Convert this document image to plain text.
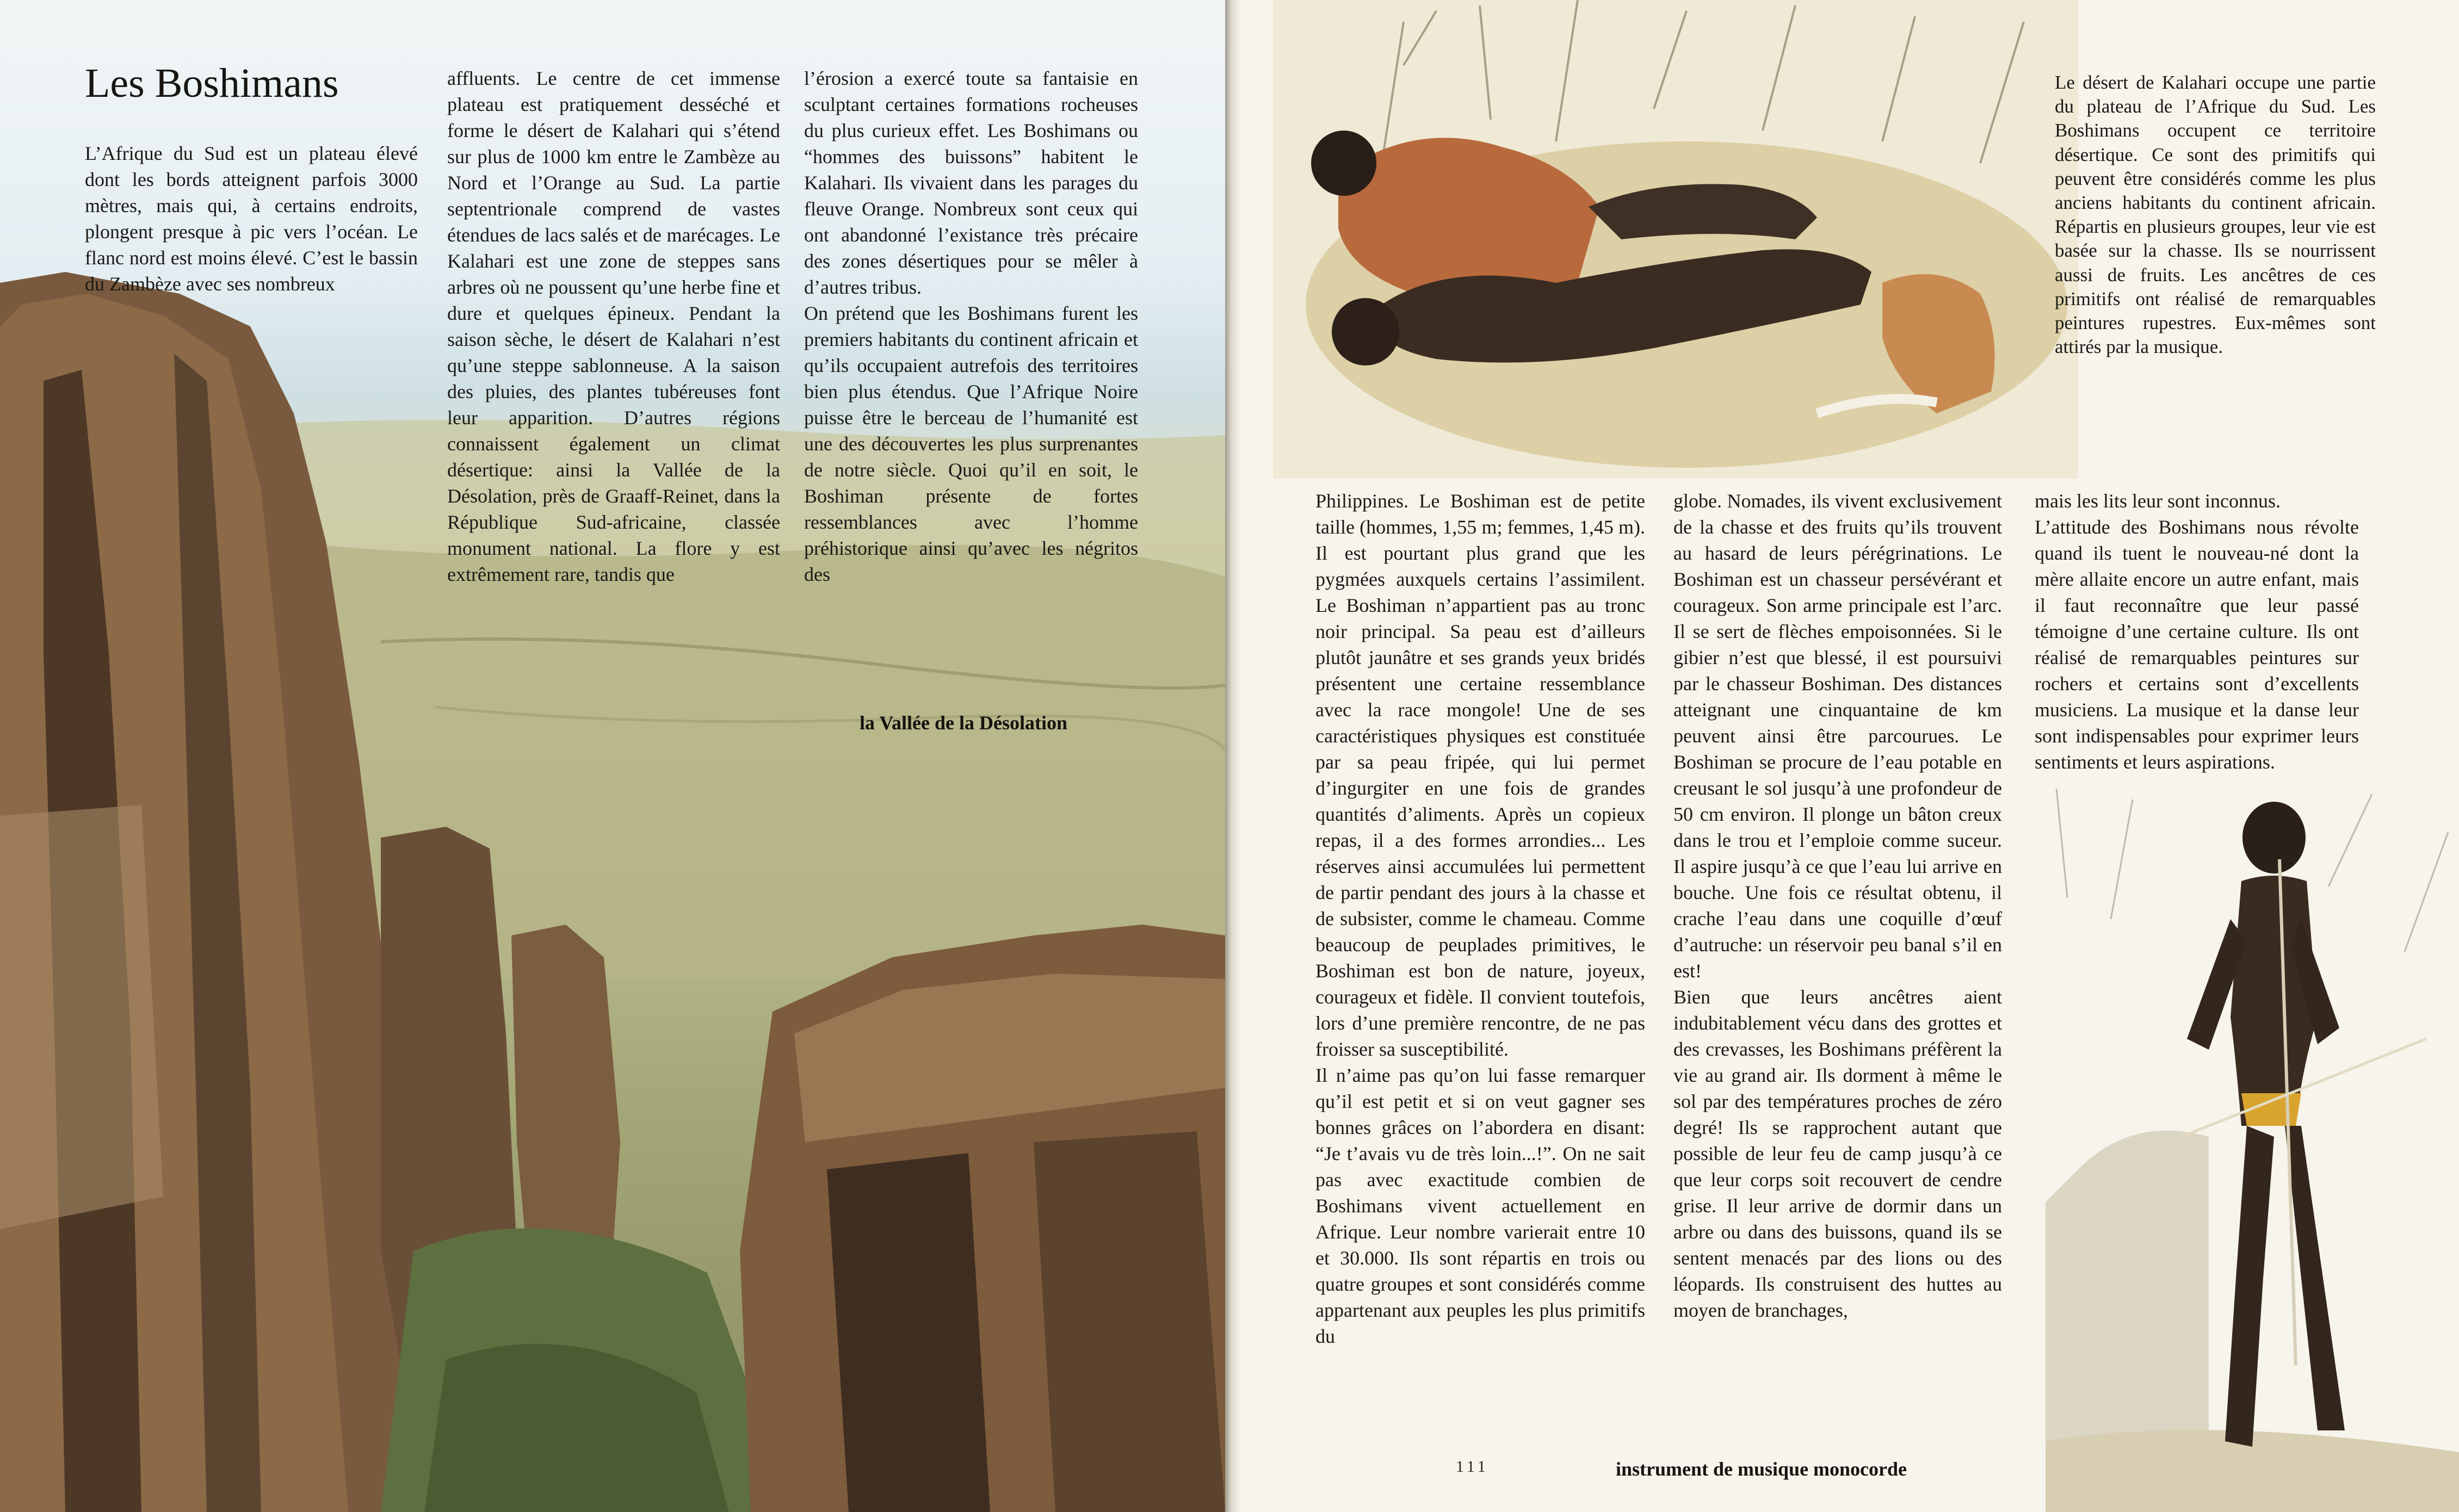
Les Boshimans

L’Afrique du Sud est un plateau élevé dont les bords atteignent parfois 3000 mètres, mais qui, à certains endroits, plongent presque à pic vers l’océan. Le flanc nord est moins élevé. C’est le bassin du Zambèze avec ses nombreux

affluents. Le centre de cet immense plateau est pratiquement desséché et forme le désert de Kalahari qui s’étend sur plus de 1000 km entre le Zambèze au Nord et l’Orange au Sud. La partie septentrionale comprend de vastes étendues de lacs salés et de marécages. Le Kalahari est une zone de steppes sans arbres où ne poussent qu’une herbe fine et dure et quelques épineux. Pendant la saison sèche, le désert de Kalahari n’est qu’une steppe sablonneuse. A la saison des pluies, des plantes tubéreuses font leur apparition. D’autres régions connaissent également un climat désertique: ainsi la Vallée de la Désolation, près de Graaff-Reinet, dans la République Sud-africaine, classée monument national. La flore y est extrêmement rare, tandis que

l’érosion a exercé toute sa fantaisie en sculptant certaines formations rocheuses du plus curieux effet. Les Boshimans ou “hommes des buissons” habitent le Kalahari. Ils vivaient dans les parages du fleuve Orange. Nombreux sont ceux qui ont abandonné l’existance très précaire des zones désertiques pour se mêler à d’autres tribus.
On prétend que les Boshimans furent les premiers habitants du continent africain et qu’ils occupaient autrefois des territoires bien plus étendus. Que l’Afrique Noire puisse être le berceau de l’humanité est une des découvertes les plus surprenantes de notre siècle. Quoi qu’il en soit, le Boshiman présente de fortes ressemblances avec l’homme préhistorique ainsi qu’avec les négritos des

la Vallée de la Désolation

Le désert de Kalahari occupe une partie du plateau de l’Afrique du Sud. Les Boshimans occupent ce territoire désertique. Ce sont des primitifs qui peuvent être considérés comme les plus anciens habitants du continent africain. Répartis en plusieurs groupes, leur vie est basée sur la chasse. Ils se nourrissent aussi de fruits. Les ancêtres de ces primitifs ont réalisé de remarquables peintures rupestres. Eux-mêmes sont attirés par la musique.

Philippines. Le Boshiman est de petite taille (hommes, 1,55 m; femmes, 1,45 m). Il est pourtant plus grand que les pygmées auxquels certains l’assimilent. Le Boshiman n’appartient pas au tronc noir principal. Sa peau est d’ailleurs plutôt jaunâtre et ses grands yeux bridés présentent une certaine ressemblance avec la race mongole! Une de ses caractéristiques physiques est constituée par sa peau fripée, qui lui permet d’ingurgiter en une fois de grandes quantités d’aliments. Après un copieux repas, il a des formes arrondies... Les réserves ainsi accumulées lui permettent de partir pendant des jours à la chasse et de subsister, comme le chameau. Comme beaucoup de peuplades primitives, le Boshiman est bon de nature, joyeux, courageux et fidèle. Il convient toutefois, lors d’une première rencontre, de ne pas froisser sa susceptibilité.
Il n’aime pas qu’on lui fasse remarquer qu’il est petit et si on veut gagner ses bonnes grâces on l’abordera en disant: “Je t’avais vu de très loin...!”. On ne sait pas avec exactitude combien de Boshimans vivent actuellement en Afrique. Leur nombre varierait entre 10 et 30.000. Ils sont répartis en trois ou quatre groupes et sont considérés comme appartenant aux peuples les plus primitifs du

globe. Nomades, ils vivent exclusivement de la chasse et des fruits qu’ils trouvent au hasard de leurs pérégrinations. Le Boshiman est un chasseur persévérant et courageux. Son arme principale est l’arc. Il se sert de flèches empoisonnées. Si le gibier n’est que blessé, il est poursuivi par le chasseur Boshiman. Des distances atteignant une cinquantaine de km peuvent ainsi être parcourues. Le Boshiman se procure de l’eau potable en creusant le sol jusqu’à une profondeur de 50 cm environ. Il plonge un bâton creux dans le trou et l’emploie comme suceur. Il aspire jusqu’à ce que l’eau lui arrive en bouche. Une fois ce résultat obtenu, il crache l’eau dans une coquille d’œuf d’autruche: un réservoir peu banal s’il en est!
Bien que leurs ancêtres aient indubitablement vécu dans des grottes et des crevasses, les Boshimans préfèrent la vie au grand air. Ils dorment à même le sol par des températures proches de zéro degré! Ils se rapprochent autant que possible de leur feu de camp jusqu’à ce que leur corps soit recouvert de cendre grise. Il leur arrive de dormir dans un arbre ou dans des buissons, quand ils se sentent menacés par des lions ou des léopards. Ils construisent des huttes au moyen de branchages,

mais les lits leur sont inconnus.
L’attitude des Boshimans nous révolte quand ils tuent le nouveau-né dont la mère allaite encore un autre enfant, mais il faut reconnaître que leur passé témoigne d’une certaine culture. Ils ont réalisé de remarquables peintures sur rochers et certains sont d’excellents musiciens. La musique et la danse leur sont indispensables pour exprimer leurs sentiments et leurs aspirations.

111	instrument de musique monocorde
